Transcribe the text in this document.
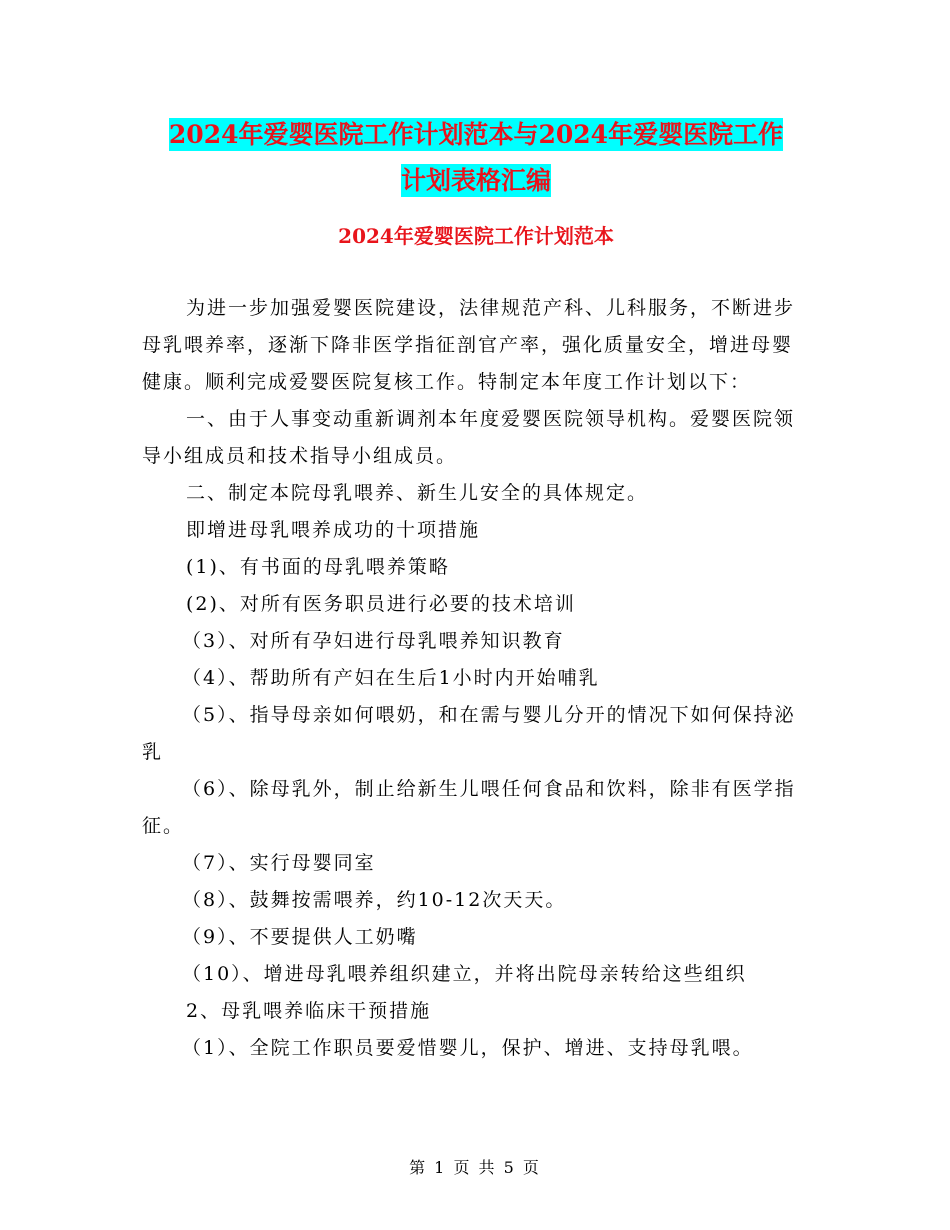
2024年爱婴医院工作计划范本与2024年爱婴医院工作
计划表格汇编
2024年爱婴医院工作计划范本

为进一步加强爱婴医院建设，法律规范产科、儿科服务，不断进步母乳喂养率，逐渐下降非医学指征剖官产率，强化质量安全，增进母婴健康。顺利完成爱婴医院复核工作。特制定本年度工作计划以下：

一、由于人事变动重新调剂本年度爱婴医院领导机构。爱婴医院领导小组成员和技术指导小组成员。

二、制定本院母乳喂养、新生儿安全的具体规定。

即增进母乳喂养成功的十项措施

(1)、有书面的母乳喂养策略

(2)、对所有医务职员进行必要的技术培训

（3）、对所有孕妇进行母乳喂养知识教育

（4）、帮助所有产妇在生后1小时内开始哺乳

（5）、指导母亲如何喂奶，和在需与婴儿分开的情况下如何保持泌乳

（6）、除母乳外，制止给新生儿喂任何食品和饮料，除非有医学指征。

（7）、实行母婴同室

（8）、鼓舞按需喂养，约10-12次天天。

（9）、不要提供人工奶嘴

（10）、增进母乳喂养组织建立，并将出院母亲转给这些组织

2、母乳喂养临床干预措施

（1）、全院工作职员要爱惜婴儿，保护、增进、支持母乳喂。

第 1 页 共 5 页
